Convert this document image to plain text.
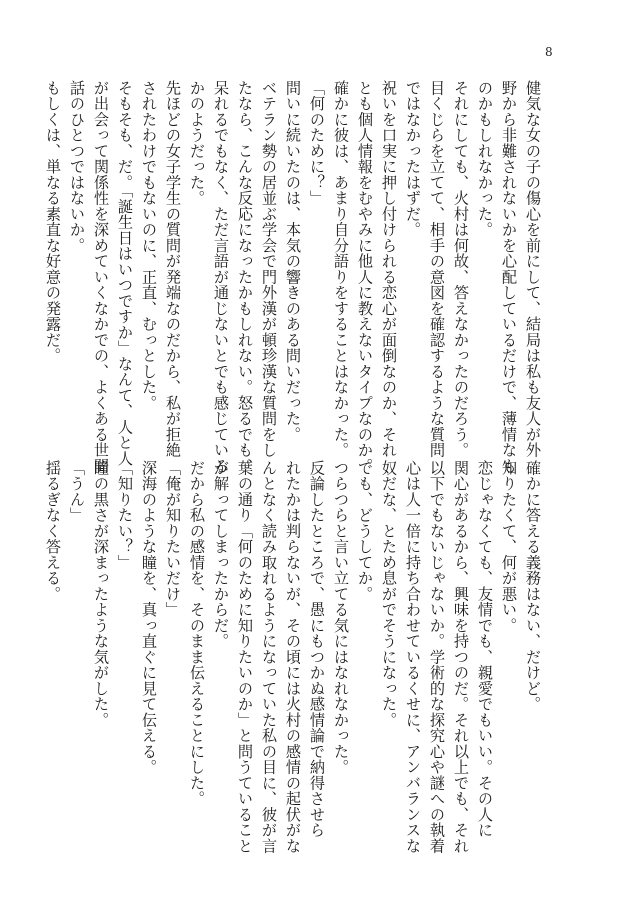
8
健気な女の子の傷心を前にして、結局は私も友人が外
野から非難されないかを心配しているだけで、薄情なも
のかもしれなかった。
それにしても、火村は何故、答えなかったのだろう。
目くじらを立てて、相手の意図を確認するような質問
ではなかったはずだ。
祝いを口実に押し付けられる恋心が面倒なのか、それ
とも個人情報をむやみに他人に教えないタイプなのか。
確かに彼は、あまり自分語りをすることはなかった。
「何のために？」
問いに続いたのは、本気の響きのある問いだった。
ベテラン勢の居並ぶ学会で門外漢が頓珍漢な質問をし
たなら、こんな反応になったかもしれない。怒るでも、
呆れるでもなく、ただ言語が通じないとでも感じている
かのようだった。
先ほどの女子学生の質問が発端なのだから、私が拒絶
されたわけでもないのに、正直、むっとした。
そもそも、だ。「誕生日はいつですか」なんて、人と人
が出会って関係性を深めていくなかでの、よくある世間
話のひとつではないか。
もしくは、単なる素直な好意の発露だ。
確かに答える義務はない、だけど。
知りたくて、何が悪い。
恋じゃなくても、友情でも、親愛でもいい。その人に
関心があるから、興味を持つのだ。それ以上でも、それ
以下でもないじゃないか。学術的な探究心や謎への執着
心は人一倍に持ち合わせているくせに、アンバランスな
奴だな、とため息がでそうになった。
でも、どうしてか。
つらつらと言い立てる気にはなれなかった。
反論したところで、愚にもつかぬ感情論で納得させら
れたかは判らないが、その頃には火村の感情の起伏がな
んとなく読み取れるようになっていた私の目に、彼が言
葉の通り「何のために知りたいのか」と問うていること
が解ってしまったからだ。
だから私の感情を、そのまま伝えることにした。
「俺が知りたいだけ」
深海のような瞳を、真っ直ぐに見て伝える。
「知りたい？」
瞳の黒さが深まったような気がした。
「うん」
揺るぎなく答える。
